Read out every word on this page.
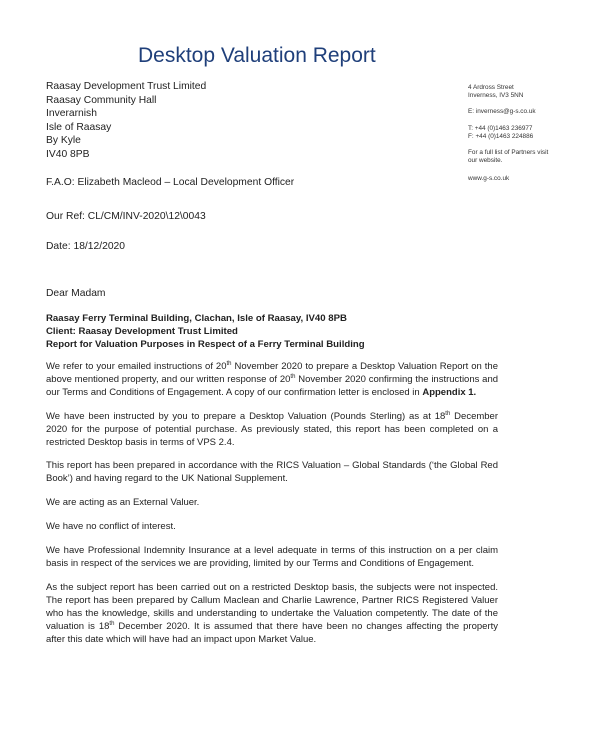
Desktop Valuation Report
Raasay Development Trust Limited
Raasay Community Hall
Inverarnish
Isle of Raasay
By Kyle
IV40 8PB
4 Ardross Street
Inverness, IV3 5NN
E: inverness@g-s.co.uk
T: +44 (0)1463 236977
F: +44 (0)1463 224886
For a full list of Partners visit
our website.
www.g-s.co.uk
F.A.O: Elizabeth Macleod – Local Development Officer
Our Ref: CL/CM/INV-2020\12\0043
Date: 18/12/2020
Dear Madam
Raasay Ferry Terminal Building, Clachan, Isle of Raasay, IV40 8PB
Client: Raasay Development Trust Limited
Report for Valuation Purposes in Respect of a Ferry Terminal Building

We refer to your emailed instructions of 20th November 2020 to prepare a Desktop Valuation Report on the above mentioned property, and our written response of 20th November 2020 confirming the instructions and our Terms and Conditions of Engagement. A copy of our confirmation letter is enclosed in Appendix 1.

We have been instructed by you to prepare a Desktop Valuation (Pounds Sterling) as at 18th December 2020 for the purpose of potential purchase. As previously stated, this report has been completed on a restricted Desktop basis in terms of VPS 2.4.

This report has been prepared in accordance with the RICS Valuation – Global Standards (‘the Global Red Book’) and having regard to the UK National Supplement.

We are acting as an External Valuer.

We have no conflict of interest.

We have Professional Indemnity Insurance at a level adequate in terms of this instruction on a per claim basis in respect of the services we are providing, limited by our Terms and Conditions of Engagement.

As the subject report has been carried out on a restricted Desktop basis, the subjects were not inspected. The report has been prepared by Callum Maclean and Charlie Lawrence, Partner RICS Registered Valuer who has the knowledge, skills and understanding to undertake the Valuation competently. The date of the valuation is 18th December 2020. It is assumed that there have been no changes affecting the property after this date which will have had an impact upon Market Value.
